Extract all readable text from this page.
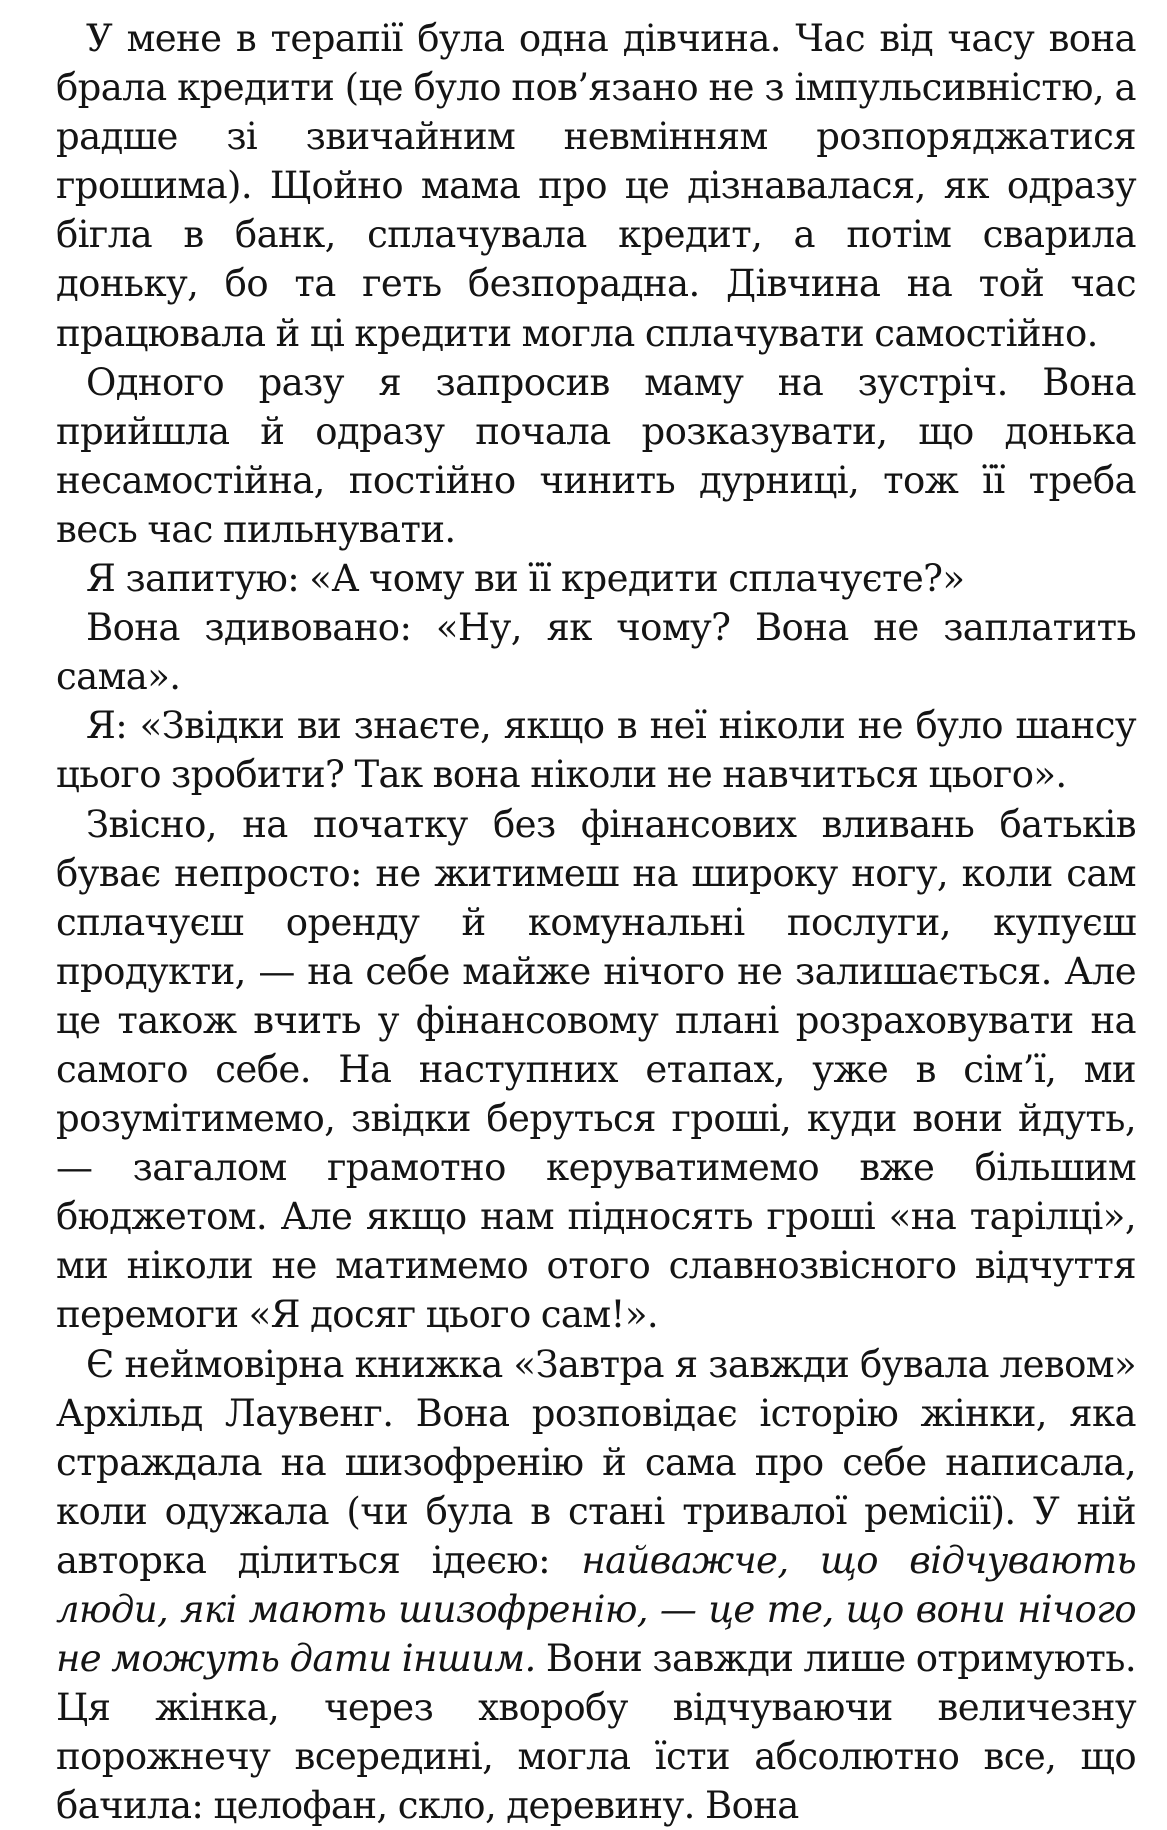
У мене в терапії була одна дівчина. Час від часу вона брала кредити (це було пов’язано не з імпульсивністю, а радше зі звичайним невмінням розпоряджатися грошима). Щойно мама про це дізнавалася, як одразу бігла в банк, сплачувала кредит, а потім сварила доньку, бо та геть безпорадна. Дівчина на той час працювала й ці кредити могла сплачувати самостійно.

Одного разу я запросив маму на зустріч. Вона прийшла й одразу почала розказувати, що донька несамостійна, постійно чинить дурниці, тож її треба весь час пильнувати.

Я запитую: «А чому ви її кредити сплачуєте?»

Вона здивовано: «Ну, як чому? Вона не заплатить сама».

Я: «Звідки ви знаєте, якщо в неї ніколи не було шансу цього зробити? Так вона ніколи не навчиться цього».

Звісно, на початку без фінансових вливань батьків буває непросто: не житимеш на широку ногу, коли сам сплачуєш оренду й комунальні послуги, купуєш продукти, — на себе майже нічого не залишається. Але це також вчить у фінансовому плані розраховувати на самого себе. На наступних етапах, уже в сім’ї, ми розумітимемо, звідки беруться гроші, куди вони йдуть, — загалом грамотно керуватимемо вже більшим бюджетом. Але якщо нам підносять гроші «на тарілці», ми ніколи не матимемо отого славнозвісного відчуття перемоги «Я досяг цього сам!».

Є неймовірна книжка «Завтра я завжди бувала левом» Архільд Лаувенг. Вона розповідає історію жінки, яка страждала на шизофренію й сама про себе написала, коли одужала (чи була в стані тривалої ремісії). У ній авторка ділиться ідеєю: найважче, що відчувають люди, які мають шизофренію, — це те, що вони нічого не можуть дати іншим. Вони завжди лише отримують. Ця жінка, через хворобу відчуваючи величезну порожнечу всередині, могла їсти абсолютно все, що бачила: целофан, скло, деревину. Вона
